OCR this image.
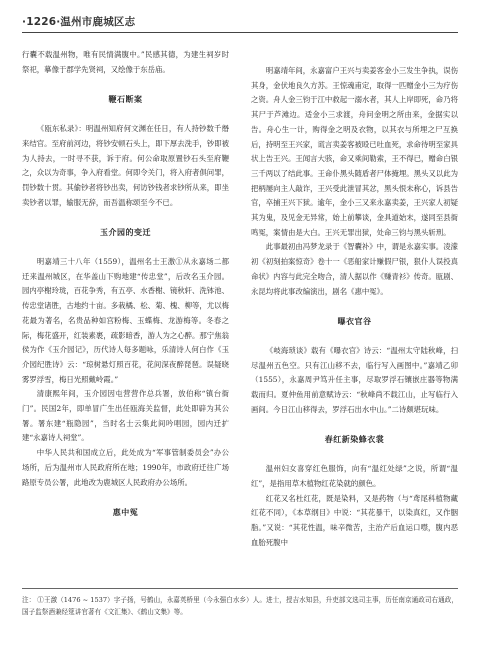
·1226·温州市鹿城区志

行囊不载温州物，唯有民情满腹中。”民感其德，为建生祠岁时祭祀，摹像于郡学先贤祠，又绘像于东岳庙。

鞭石断案

《瓯东私录》：明温州知府何文渊在任日，有人持钞数千缗来结官。至府前河边，将钞安顿石头上，即下厚去洗手，钞即被为人持去，一时寻不获，诉于府。何公命取原置钞石头至府鞭之，众以为奇事，争入府看堂。何即令关门，将入府者俱问罪，罚钞数十贯。其偷钞者将钞出卖，何访钞钱者求钞所从来，即坐卖钞者以罪，输服无辞，而吾温称颂至今不已。

玉介园的变迁

明嘉靖三十八年（1559），温州名士王激①从永嘉场二都迁来温州城区，在华盖山下购地建“传忠堂”，后改名玉介园。园内亭榭玲珑，百花争秀，有五亭、水香榭、镜秋轩、洗钵池、传忠堂诸胜，古地约十亩。多栽橘、松、菊、槐、柳等，尤以梅花最为著名，名贵品种如宫粉梅、玉蝶梅、龙游梅等。冬春之际，梅花盛开，红装素裹，疏影暗香，游人为之心醉。那宁焦翁侯为作《玉介园记》，历代诗人每多题咏，乐清诗人何白作《玉介园纪胜诗》云：“琼树悬灯照百花，花间深夜醉琵琶。误疑晓雾罗浮雪，梅日光照戴岭霞。”

清康熙年间，玉介园因屯营营作总兵署，放伯称“镇台衙门”。民国2年，即单冒广生出任瓯海关监督，此处即辟为其公署。署东建“瓶隐园”，当时名士云集此间吟唱园，园内迁扩建“永嘉诗人祠堂”。

中华人民共和国成立后，此处成为“军事管制委员会”办公场所，后为温州市人民政府所在地；1990年，市政府迁往广场路原专员公署，此地改为鹿城区人民政府办公场所。

惠中冤

明嘉靖年间，永嘉富户王兴与卖姜客金小三发生争执，误伤其身，金伏地良久方苏。王惊魂甫定，取得一匹赠金小三为疗伤之资。舟人金三钧于江中救起一溺水者，其人上岸即死，命乃将其尸于芦滩边。适金小三求渡，舟问金明之所由来，金据实以告。舟心生一计，购得金之明及衣物，以其衣与所埋之尸互换后，持明至王兴家，谎言卖姜客被殴已吐血死，求命待明至家具状上告王兴。王闻言大骇，命又乘间勒索，王不得已，赠命白银三千两以了结此事。王命仆黑头随盾者尸体掩埋。黑头又以此为把柄屡向主人敲诈，王兴受此泄冒其忿，黑头恨未称心，诉县告官，卒捕王兴下狱。逾年，金小三又来永嘉卖姜，王兴家人初疑其为鬼，及见金无异常，始上前攀谈，金具道始末，遂同至县衙鸣冤，案情由是大白。王兴无罪出狱，处命三钧与黑头斩刑。

此事最初由冯梦龙录于《智囊补》中，谓是永嘉实事。凌濛初《初刻拍案惊奇》卷十一《恶船家计赚假尸银，狠仆人误投真命状》内容与此完全吻合，清人据以作《赚青衫》传奇。瓯剧、永昆均将此事改编演出，剧名《惠中冤》。

曝衣官谷

《岐海琐谈》载有《曝衣官》诗云：“温州太守陆秋峰，扫尽温州五色空。只有江山移不去，临行写入画图中。”嘉靖乙卯（1555），永嘉周尹笃升任主事，尽取罗浮石镶嵌庄器等物满载而归。夏仲鱼用前意赋诗云：“秋峰尚不载江山，止写临行入画间。今日江山移得去，罗浮石出水中山。”二诗颇堪玩味。

春红新染蜂衣裳

温州妇女喜穿红色服饰，向有“温红处绿”之说，所谓“温红”，是指用草木植物红花染就的颜色。

红花又名杜红花，既是染料，又是药物（与“鸢尾科植物藏红花不同），《本草纲目》中说：“其花暴干，以染真红，又作胭脂。”又说：“其花性温，味辛微苦，主治产后血运口噤，腹内恶血胎死腹中

注： ①王激（1476 ~ 1537）字子扬，号鹤山，永嘉英桥里（今永强白水乡）人。进士，授吉水知县，升吏部文选司主事，历任南京通政司右通政，国子监祭酒兼经筵讲官著有《文汇集》、《鹤山文集》等。
